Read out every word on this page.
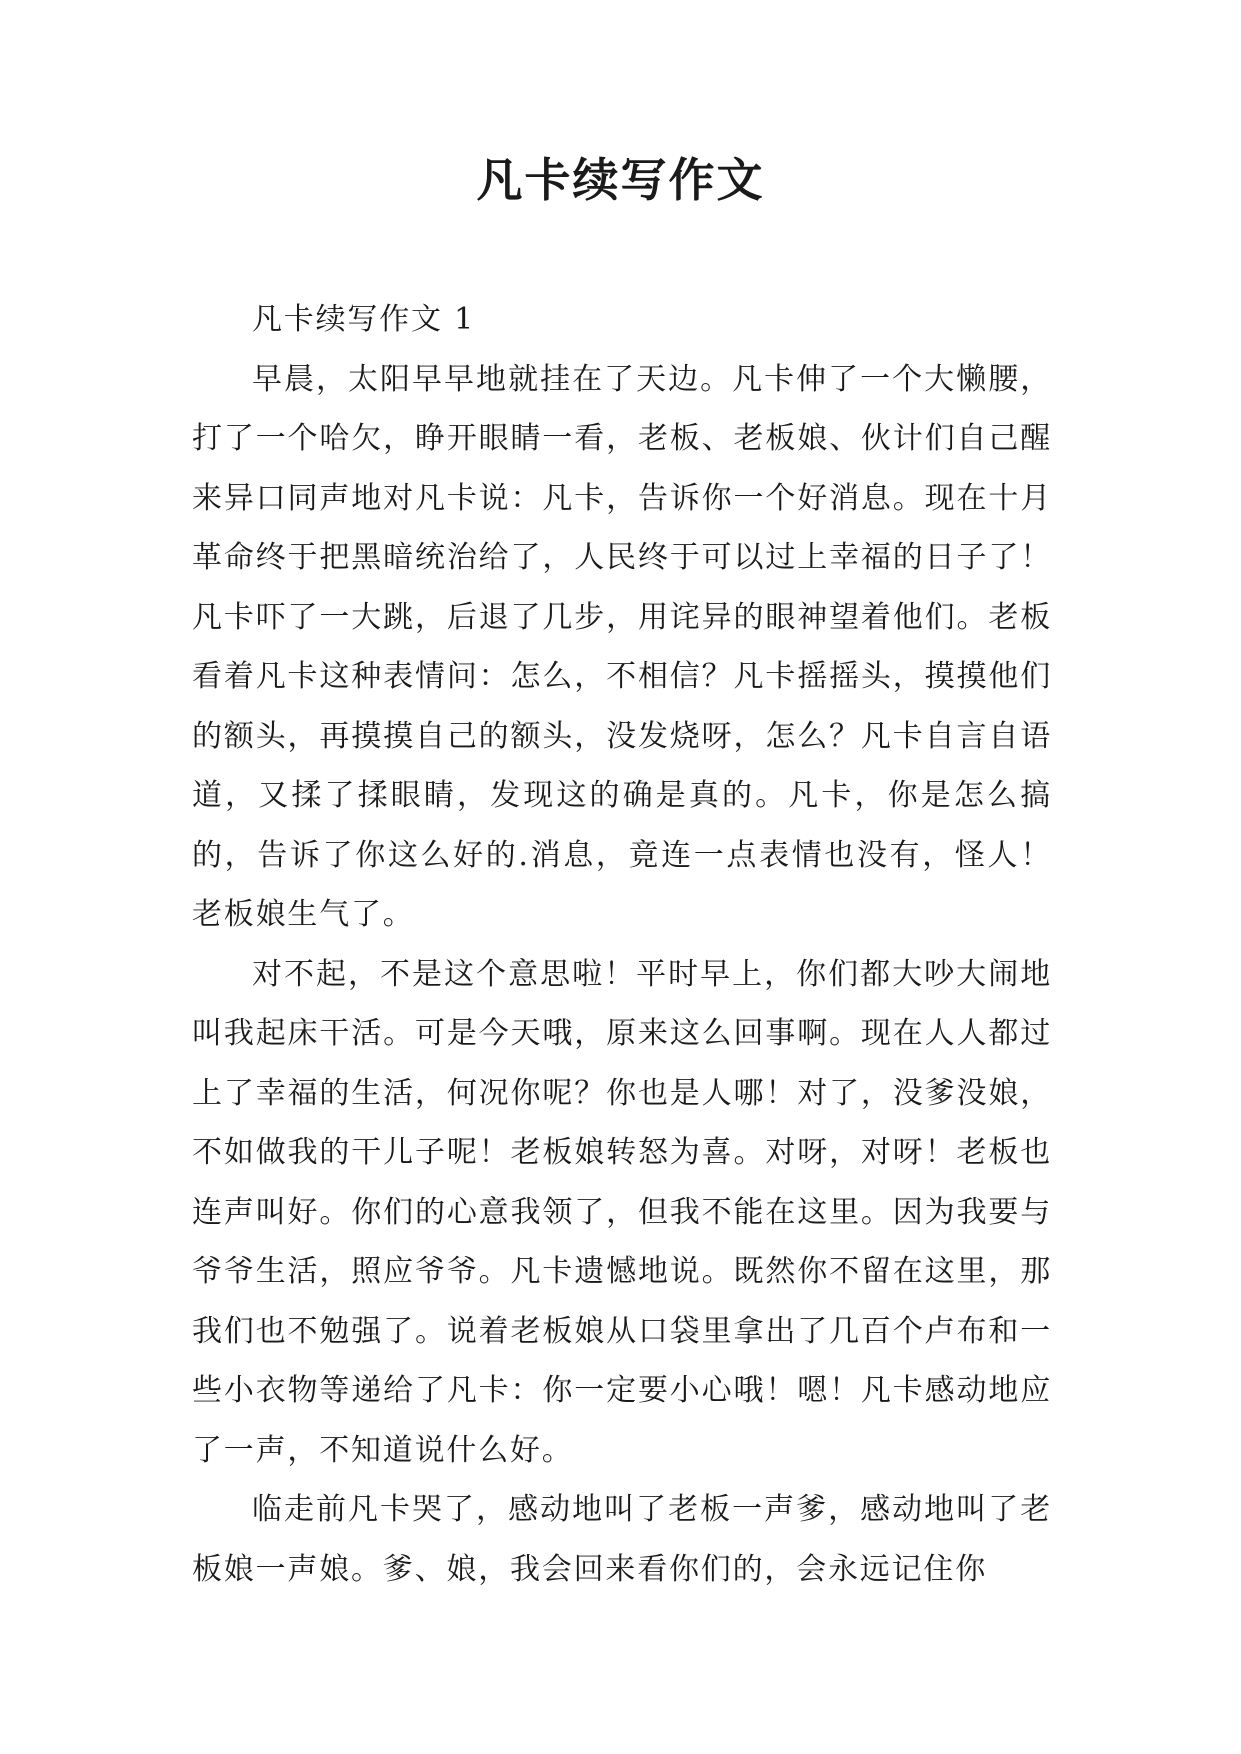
凡卡续写作文

凡卡续写作文 1

早晨，太阳早早地就挂在了天边。凡卡伸了一个大懒腰，打了一个哈欠，睁开眼睛一看，老板、老板娘、伙计们自己醒来异口同声地对凡卡说：凡卡，告诉你一个好消息。现在十月革命终于把黑暗统治给了，人民终于可以过上幸福的日子了！凡卡吓了一大跳，后退了几步，用诧异的眼神望着他们。老板看着凡卡这种表情问：怎么，不相信？凡卡摇摇头，摸摸他们的额头，再摸摸自己的额头，没发烧呀，怎么？凡卡自言自语道，又揉了揉眼睛，发现这的确是真的。凡卡，你是怎么搞的，告诉了你这么好的.消息，竟连一点表情也没有，怪人！老板娘生气了。

对不起，不是这个意思啦！平时早上，你们都大吵大闹地叫我起床干活。可是今天哦，原来这么回事啊。现在人人都过上了幸福的生活，何况你呢？你也是人哪！对了，没爹没娘，不如做我的干儿子呢！老板娘转怒为喜。对呀，对呀！老板也连声叫好。你们的心意我领了，但我不能在这里。因为我要与爷爷生活，照应爷爷。凡卡遗憾地说。既然你不留在这里，那我们也不勉强了。说着老板娘从口袋里拿出了几百个卢布和一些小衣物等递给了凡卡：你一定要小心哦！嗯！凡卡感动地应了一声，不知道说什么好。

临走前凡卡哭了，感动地叫了老板一声爹，感动地叫了老板娘一声娘。爹、娘，我会回来看你们的，会永远记住你
